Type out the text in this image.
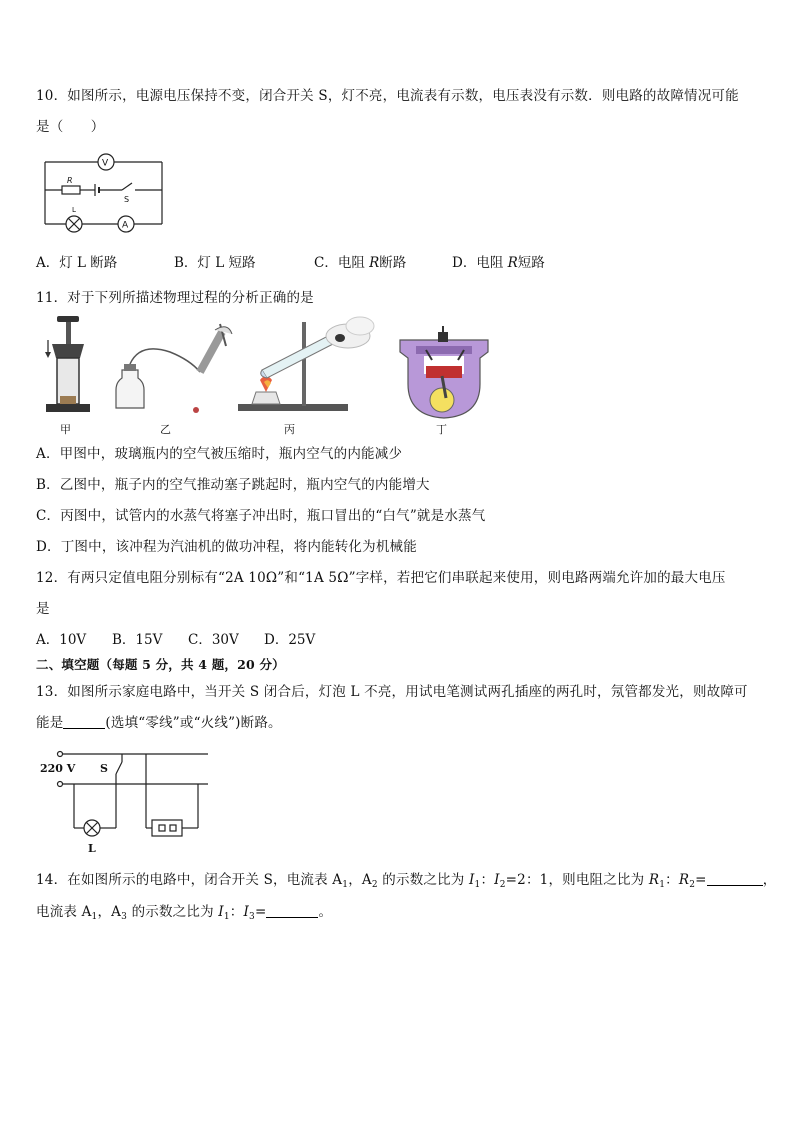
10．如图所示，电源电压保持不变，闭合开关 S，灯不亮，电流表有示数，电压表没有示数．则电路的故障情况可能
是（　　）
V
A
R
S
L
A．灯 L 断路	B．灯 L 短路	C．电阻 R断路	D．电阻 R短路
11．对于下列所描述物理过程的分析正确的是
甲	乙	丙	丁
A．甲图中，玻璃瓶内的空气被压缩时，瓶内空气的内能减少
B．乙图中，瓶子内的空气推动塞子跳起时，瓶内空气的内能增大
C．丙图中，试管内的水蒸气将塞子冲出时，瓶口冒出的“白气”就是水蒸气
D．丁图中，该冲程为汽油机的做功冲程，将内能转化为机械能
12．有两只定值电阻分别标有“2A 10Ω”和“1A 5Ω”字样，若把它们串联起来使用，则电路两端允许加的最大电压
是
A．10V B．15V C．30V D．25V
二、填空题（每题 5 分，共 4 题，20 分）
13．如图所示家庭电路中，当开关 S 闭合后，灯泡 L 不亮，用试电笔测试两孔插座的两孔时，氖管都发光，则故障可
能是	(选填“零线”或“火线”)断路。
220 V S
L
14．在如图所示的电路中，闭合开关 S，电流表 $A_1$，$A_2$ 的示数之比为 $I_1$：$I_2=2$：1，则电阻之比为 $R_1$：$R_2=$	，
电流表 $A_1$，$A_3$ 的示数之比为 $I_1$：$I_3=$	。
